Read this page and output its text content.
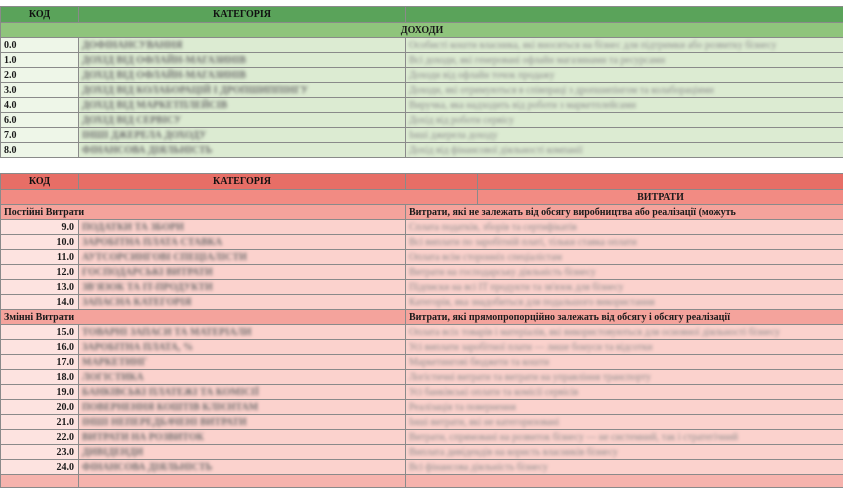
КОД	КАТЕГОРІЯ	
ДОХОДИ		
0.0	ДОФІНАНСУВАННЯ	Особисті кошти власника, які вносяться на бізнес для підтримки або розвитку бізнесу
1.0	ДОХІД ВІД ОФЛАЙН-МАГАЗИНІВ	Всі доходи, які генеровані офлайн магазинами та ресурсами
2.0	ДОХІД ВІД ОФЛАЙН-МАГАЗИНІВ	Доходи від офлайн точок продажу
3.0	ДОХІД ВІД КОЛАБОРАЦІЙ І ДРОПШИППІНГУ	Доходи, які отримуються в співпраці з дропшипінгом та колабораціями
4.0	ДОХІД ВІД МАРКЕТПЛЕЙСІВ	Виручка, яка надходить від роботи з маркетплейсами
6.0	ДОХІД ВІД СЕРВІСУ	Дохід від роботи сервісу
7.0	ІНШІ ДЖЕРЕЛА ДОХОДУ	Інші джерела доходу
8.0	ФІНАНСОВА ДІЯЛЬНІСТЬ	Дохід від фінансової діяльності компанії
КОД	КАТЕГОРІЯ		
			ВИТРАТИ
Постійні Витрати		Витрати, які не залежать від обсягу виробництва або реалізації (можуть	
9.0	ПОДАТКИ ТА ЗБОРИ	Сплата податків, зборів та сертифікатів	
10.0	ЗАРОБІТНА ПЛАТА СТАВКА	Всі виплати по заробітній платі, тільки ставка оплати	
11.0	АУТСОРСИНГОВІ СПЕЦІАЛІСТИ	Оплата всім сторонніх спеціалістам	
12.0	ГОСПОДАРСЬКІ ВИТРАТИ	Витрати на господарську діяльність бізнесу	
13.0	ЗВ'ЯЗОК ТА IT-ПРОДУКТИ	Підписки на всі IT продукти та зв'язок для бізнесу	
14.0	ЗАПАСНА КАТЕГОРІЯ	Категорія, яка знадобиться для подальшого використання	
Змінні Витрати		Витрати, які прямопропорційно залежать від обсягу і обсягу реалізації	
15.0	ТОВАРНІ ЗАПАСИ ТА МАТЕРІАЛИ	Оплата всіх товарів і матеріалів, які використовуються для основної діяльності бізнесу	
16.0	ЗАРОБІТНА ПЛАТА, %	Усі виплати заробітної плати — лише бонуси та відсотки	
17.0	МАРКЕТИНГ	Маркетингові бюджети та кошти	
18.0	ЛОГІСТИКА	Логістичні витрати та витрати на управління транспорту	
19.0	БАНКІВСЬКІ ПЛАТЕЖІ ТА КОМІСІЇ	Усі банківські оплати та комісії сервісів	
20.0	ПОВЕРНЕННЯ КОШТІВ КЛІЄНТАМ	Реалізація та повернення	
21.0	ІНШІ НЕПЕРЕДБАЧЕНІ ВИТРАТИ	Інші витрати, які не категоризовані	
22.0	ВИТРАТИ НА РОЗВИТОК	Витрати, спрямовані на розвиток бізнесу — не системний, так і стратегічний	
23.0	ДИВІДЕНДИ	Виплата дивідендів на користь власників бізнесу	
24.0	ФІНАНСОВА ДІЯЛЬНІСТЬ	Всі фінансова діяльність бізнесу	
